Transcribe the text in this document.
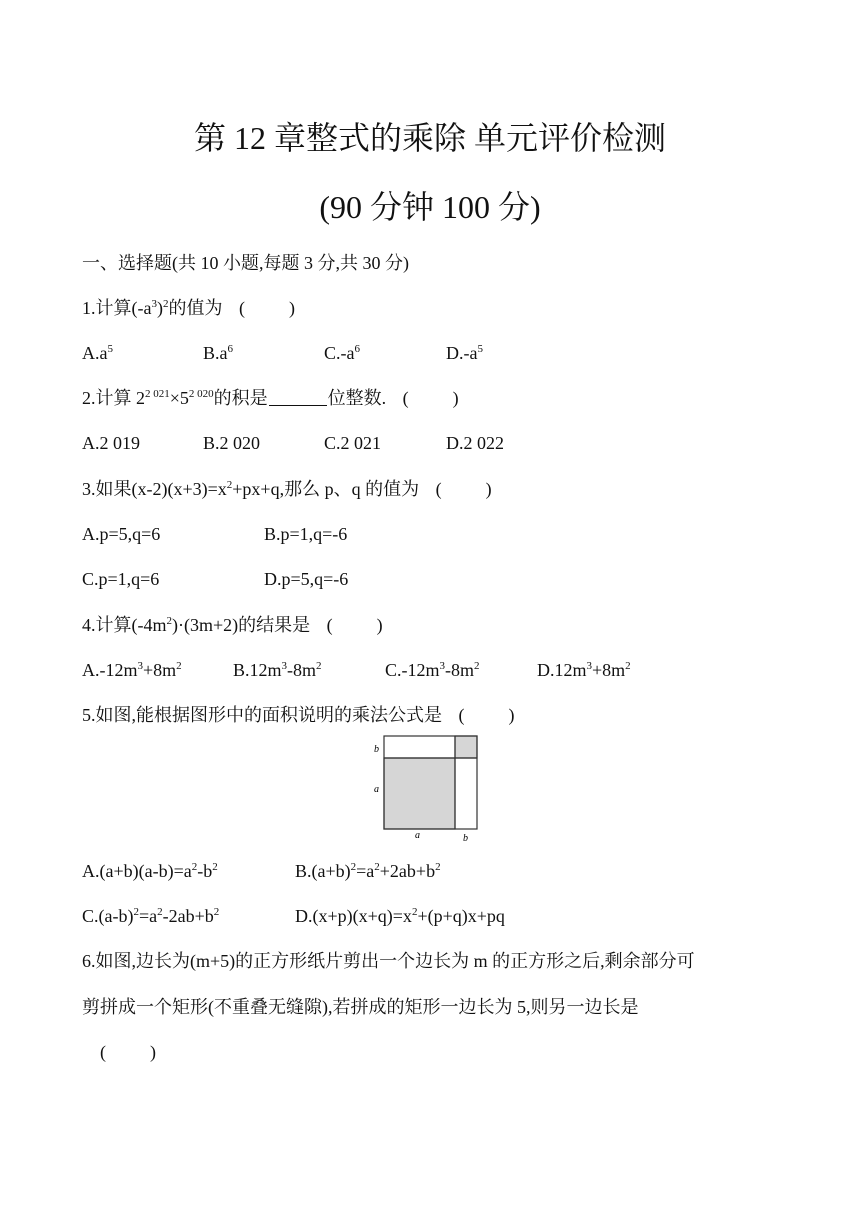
第 12 章整式的乘除 单元评价检测
(90 分钟 100 分)
一、选择题(共 10 小题,每题 3 分,共 30 分)
1.计算$(-a^3)^2$的值为 ( )
$A.a^5$	$B.a^6$	$C.-a^6$	$D.-a^5$
2.计算 $2^{2 021}\times 5^{2 020}$的积是	位整数. ( )
A.2 019	B.2 020	C.2 021	D.2 022
3.如果$(x-2)(x+3)=x^2+px+q$,那么 p、q 的值为 ( )
A.p=5,q=6	B.p=1,q=-6
C.p=1,q=6	D.p=5,q=-6
4.计算$(-4m^2)\cdot(3m+2)$的结果是 ( )
$A.-12m^3+8m^2$	$B.12m^3-8m^2$	$C.-12m^3-8m^2$	$D.12m^3+8m^2$
5.如图,能根据图形中的面积说明的乘法公式是 ( )
b
a
a	b
$A.(a+b)(a-b)=a^2-b^2$	$B.(a+b)^2=a^2+2ab+b^2$
$C.(a-b)^2=a^2-2ab+b^2$	$D.(x+p)(x+q)=x^2+(p+q)x+pq$
6.如图,边长为(m+5)的正方形纸片剪出一个边长为 m 的正方形之后,剩余部分可
剪拼成一个矩形(不重叠无缝隙),若拼成的矩形一边长为 5,则另一边长是
( )
